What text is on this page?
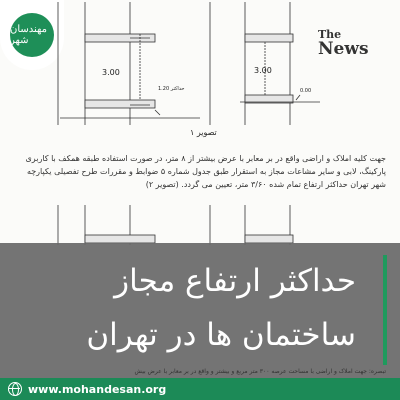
مهندسان شهر	The
News
3.00	3.00
حداکثر 1.20	0.00
تصویر ۱
جهت کلیه املاک و اراضی واقع در بر معابر با عرض بیشتر از ۸ متر، در صورت استفاده طبقه همکف با کاربری پارکینگ، لابی و سایر مشاعات مجاز به استقرار طبق جدول شماره ۵ ضوابط و مقررات طرح تفصیلی یکپارچه شهر تهران حداکثر ارتفاع تمام شده ۳/۶۰ متر، تعیین می گردد. (تصویر ۲)
حداکثر ارتفاع مجاز
ساختمان ها در تهران
تبصره: جهت املاک و اراضی با مساحت عرصه ۳۰۰ متر مربع و بیشتر و واقع در بر معابر با عرض بیش
www.mohandesan.org
